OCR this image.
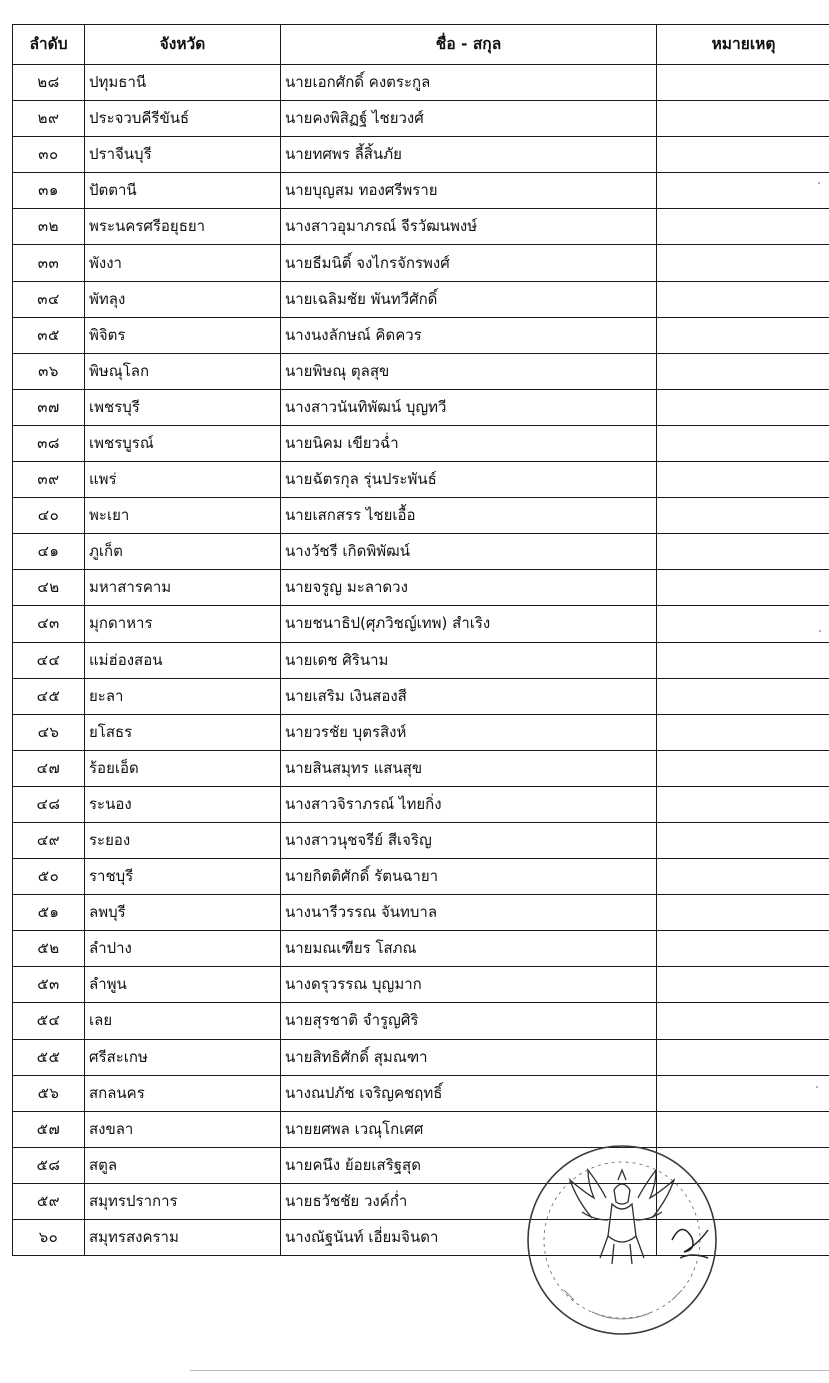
ลำดับ	จังหวัด	ชื่อ - สกุล	หมายเหตุ
๒๘	ปทุมธานี	นายเอกศักดิ์ คงตระกูล	
๒๙	ประจวบคีรีขันธ์	นายคงพิสิฏฐ์ ไชยวงศ์	
๓๐	ปราจีนบุรี	นายทศพร ลี้สิ้นภัย	
๓๑	ปัตตานี	นายบุญสม ทองศรีพราย	
๓๒	พระนครศรีอยุธยา	นางสาวอุมาภรณ์ จีรวัฒนพงษ์	
๓๓	พังงา	นายธีมนิติ์ จงไกรจักรพงศ์	
๓๔	พัทลุง	นายเฉลิมชัย พันทวีศักดิ์	
๓๕	พิจิตร	นางนงลักษณ์ คิดควร	
๓๖	พิษณุโลก	นายพิษณุ ตุลสุข	
๓๗	เพชรบุรี	นางสาวนันทิพัฒน์ บุญทวี	
๓๘	เพชรบูรณ์	นายนิคม เขียวฉ่ำ	
๓๙	แพร่	นายฉัตรกุล รุ่นประพันธ์	
๔๐	พะเยา	นายเสกสรร ไชยเอื้อ	
๔๑	ภูเก็ต	นางวัชรี เกิดพิพัฒน์	
๔๒	มหาสารคาม	นายจรูญ มะลาดวง	
๔๓	มุกดาหาร	นายชนาธิป(ศุภวิชญ์เทพ) สำเริง	
๔๔	แม่ฮ่องสอน	นายเดช ศิรินาม	
๔๕	ยะลา	นายเสริม เงินสองสี	
๔๖	ยโสธร	นายวรชัย บุตรสิงห์	
๔๗	ร้อยเอ็ด	นายสินสมุทร แสนสุข	
๔๘	ระนอง	นางสาวจิราภรณ์ ไทยกิ่ง	
๔๙	ระยอง	นางสาวนุชจรีย์ สีเจริญ	
๕๐	ราชบุรี	นายกิตติศักดิ์ รัตนฉายา	
๕๑	ลพบุรี	นางนารีวรรณ จันทบาล	
๕๒	ลำปาง	นายมณเฑียร โสภณ	
๕๓	ลำพูน	นางดรุวรรณ บุญมาก	
๕๔	เลย	นายสุรชาติ จำรูญศิริ	
๕๕	ศรีสะเกษ	นายสิทธิศักดิ์ สุมณฑา	
๕๖	สกลนคร	นางณปภัช เจริญคชฤทธิ์	
๕๗	สงขลา	นายยศพล เวณุโกเศศ	
๕๘	สตูล	นายคนึง ย้อยเสริฐสุด	
๕๙	สมุทรปราการ	นายธวัชชัย วงค์ก่ำ	
๖๐	สมุทรสงคราม	นางณัฐนันท์ เอี่ยมจินดา	
